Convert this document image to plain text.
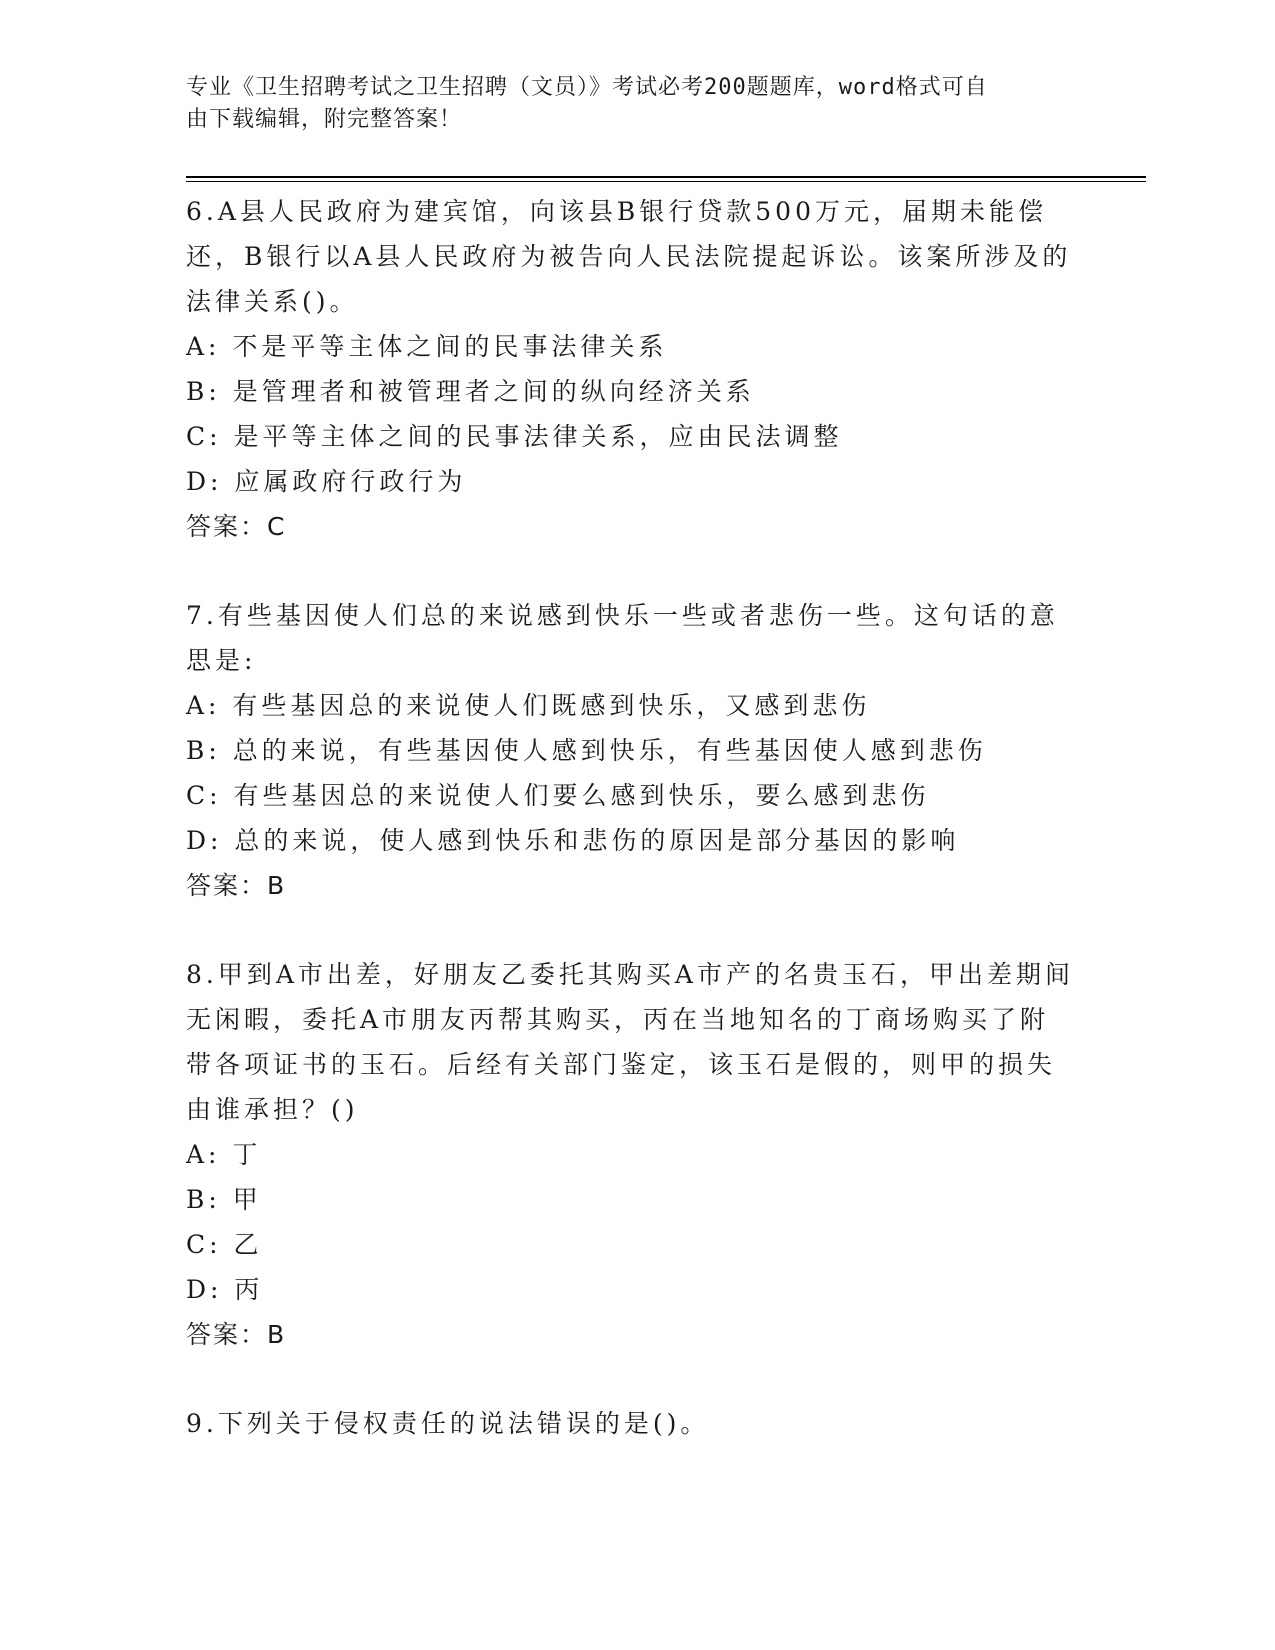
专业《卫生招聘考试之卫生招聘（文员）》考试必考200题题库，word格式可自
由下载编辑，附完整答案！
6.A县人民政府为建宾馆，向该县B银行贷款500万元，届期未能偿还，B银行以A县人民政府为被告向人民法院提起诉讼。该案所涉及的法律关系()。
A: 不是平等主体之间的民事法律关系
B: 是管理者和被管理者之间的纵向经济关系
C: 是平等主体之间的民事法律关系，应由民法调整
D: 应属政府行政行为
答案：C
7.有些基因使人们总的来说感到快乐一些或者悲伤一些。这句话的意思是:
A: 有些基因总的来说使人们既感到快乐，又感到悲伤
B: 总的来说，有些基因使人感到快乐，有些基因使人感到悲伤
C: 有些基因总的来说使人们要么感到快乐，要么感到悲伤
D: 总的来说，使人感到快乐和悲伤的原因是部分基因的影响
答案：B
8.甲到A市出差，好朋友乙委托其购买A市产的名贵玉石，甲出差期间无闲暇，委托A市朋友丙帮其购买，丙在当地知名的丁商场购买了附带各项证书的玉石。后经有关部门鉴定，该玉石是假的，则甲的损失由谁承担？()
A: 丁
B: 甲
C: 乙
D: 丙
答案：B
9.下列关于侵权责任的说法错误的是()。
